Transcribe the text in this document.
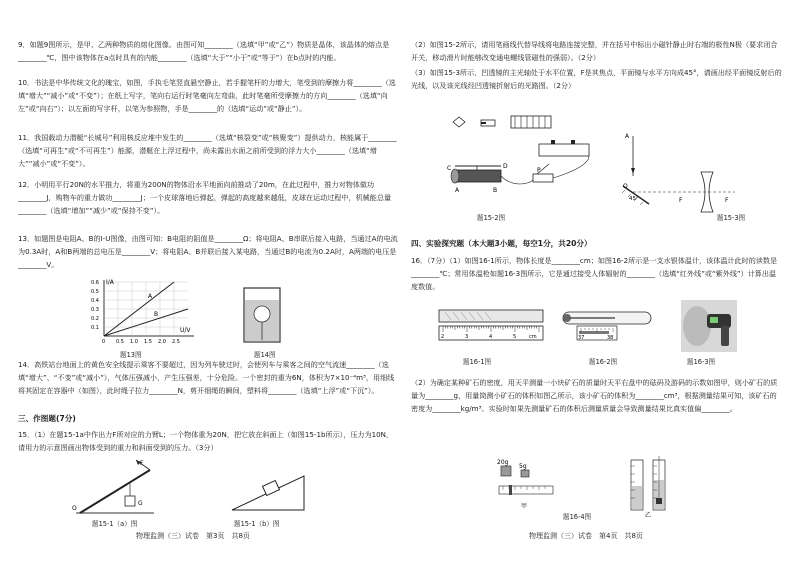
9．如题9图所示，是甲、乙两种物质的熔化图像。由图可知________（选填“甲”或“乙”）物质是晶体，该晶体的熔点是________℃，图中该物体在a点时具有的内能________（选填“大于”“小于”或“等于”）在b点时的内能。

10．书法是中华传统文化的瑰宝，如图，手执毛笔竖直悬空静止，若手握笔杆的力增大，笔受到的摩擦力将________（选填“增大”“减小”或“不变”）；在纸上写字，笔向右运行时笔毫向左弯曲，此时笔毫所受摩擦力的方向________（选填“向左”或“向右”）；以左面的写字杆，以笔为参照物，手是________的（选填“运动”或“静止”）。

11．我国载动力潜艇“长城号”利用核反应堆中发生的________（选填“核裂变”或“核聚变”）提供动力，核能属于________（选填“可再生”或“不可再生”）能源，潜艇在上浮过程中，尚未露出水面之前所受到的浮力大小________（选填“增大”“减小”或“不变”）。

12．小明用平行20N的水平推力，将重为200N的物体沿水平地面向前推动了20m，在此过程中，推力对物体做功________J，购物车的重力做功________J；一个皮球落地后弹起，弹起的高度越来越低，皮球在运动过程中，机械能总量________（选填“增加”“减少”或“保持不变”）。

13．如题图是电阻A、B的I-U图像，由图可知：B电阻的阻值是________Ω；将电阻A、B串联后接入电路，当通过A的电流为0.3A时，A和B两端的总电压是________V；将电阻A、B并联后接入某电路，当通过B的电流为0.2A时，A两端的电压是________V。

I/A
U/V
A
B
0.1
0.2
0.3
0.4
0.5
0.6
0 0.5 1.0 1.5 2.0 2.5
题13图	题14图

14．高铁站台地面上的黄色安全线提示乘客不要超过，因为列车驶过时，会使列车与乘客之间的空气流速________（选填“增大”、“不变”或“减小”），气体压强减小，产生压强差，十分危险。一个密封的重为6N，体积为7×10⁻⁴m³，用细线将其固定在容器中（如图），此时绳子拉力________N，剪开细绳的瞬间，塑料将________（选填“上浮”或“下沉”）。

三、作图题(7分)

15．（1）在题15-1a中作出力F所对应的力臂L；一个物体重为20N，把它放在斜面上（如图15-1b所示），压力为10N，请用力的示意图画出物体受到的重力和斜面受到的压力。（3分）

F
G
O
题15-1（a）图	题15-1（b）图
物理监测（三）试卷　第3页　共8页

（2）如图15-2所示，请用笔画线代替导线将电路连接完整，并在括号中标出小磁针静止时右端的极性N极（要求闭合开关，移动滑片时能够改变通电螺线管磁性的强弱）。（2分）

（3）如图15-3所示，凹透镜的主光轴处于水平位置，F是其焦点，平面镜与水平方向成45°，请画出经平面镜反射后的光线，以及该光线经凹透镜折射后的光路图。（2分）

C
A	B
D
P
题15-2图
A
45°
O
F	F
题15-3图
四、实验探究题（本大题3小题，每空1分，共20分）

16．（7分）（1）如图16-1所示，物体长度是________cm；如图16-2所示是一支水银体温计，该体温计此时的读数是________℃；常用体温枪如题16-3图所示，它是通过接受人体辐射的________（选填“红外线”或“紫外线”）计算出温度数值。

2	3	4	5	cm
题16-1图
37	38
题16-2图	题16-3图

（2）为确定某种矿石的密度，用天平测量一小块矿石的质量时天平右盘中的砝码及游码的示数如图甲，则小矿石的质量为________g，用量筒测小矿石的体积如图乙所示，该小矿石的体积为________cm³，根据测量结果可知，该矿石的密度为________kg/m³。实验时如果先测量矿石的体积后测量质量会导致测量结果比真实值偏________。

20g
5g
甲
乙
题16-4图
物理监测（三）试卷　第4页　共8页
